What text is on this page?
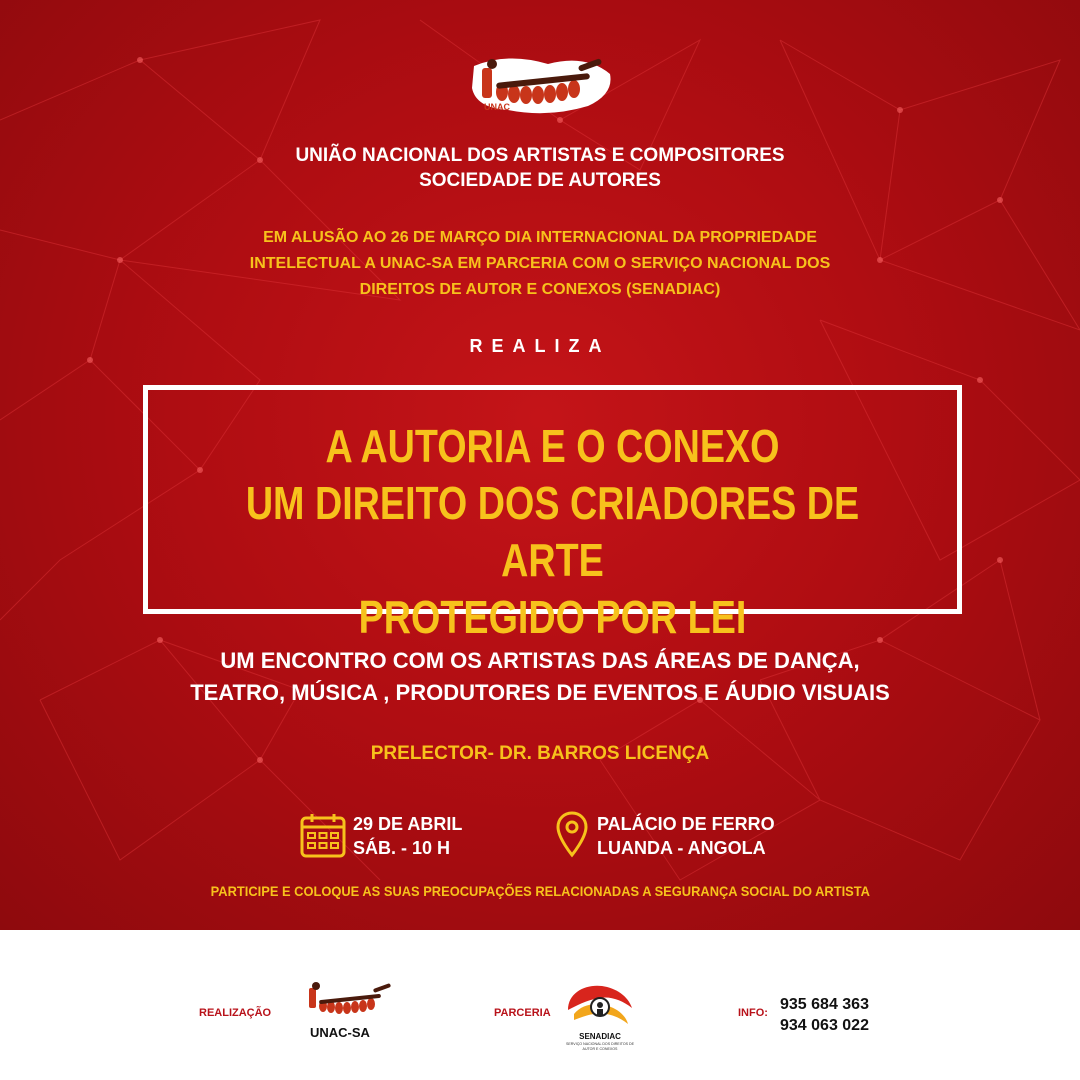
UNAC
UNIÃO NACIONAL DOS ARTISTAS E COMPOSITORES
SOCIEDADE DE AUTORES
EM ALUSÃO AO 26 DE MARÇO DIA INTERNACIONAL DA PROPRIEDADE
INTELECTUAL A UNAC-SA EM PARCERIA COM O SERVIÇO NACIONAL DOS
DIREITOS DE AUTOR E CONEXOS (SENADIAC)
REALIZA
A AUTORIA E O CONEXO
UM DIREITO DOS CRIADORES DE ARTE
PROTEGIDO POR LEI
UM ENCONTRO COM OS ARTISTAS DAS ÁREAS DE DANÇA,
TEATRO, MÚSICA , PRODUTORES DE EVENTOS E ÁUDIO VISUAIS
PRELECTOR- DR. BARROS LICENÇA
29 DE ABRIL
SÁB. - 10 H
PALÁCIO DE FERRO
LUANDA - ANGOLA
PARTICIPE E COLOQUE AS SUAS PREOCUPAÇÕES RELACIONADAS A SEGURANÇA SOCIAL DO ARTISTA
REALIZAÇÃO
UNAC-SA
PARCERIA
SENADIAC
SERVIÇO NACIONAL DOS DIREITOS DE AUTOR E CONEXOS
INFO: 935 684 363
934 063 022
